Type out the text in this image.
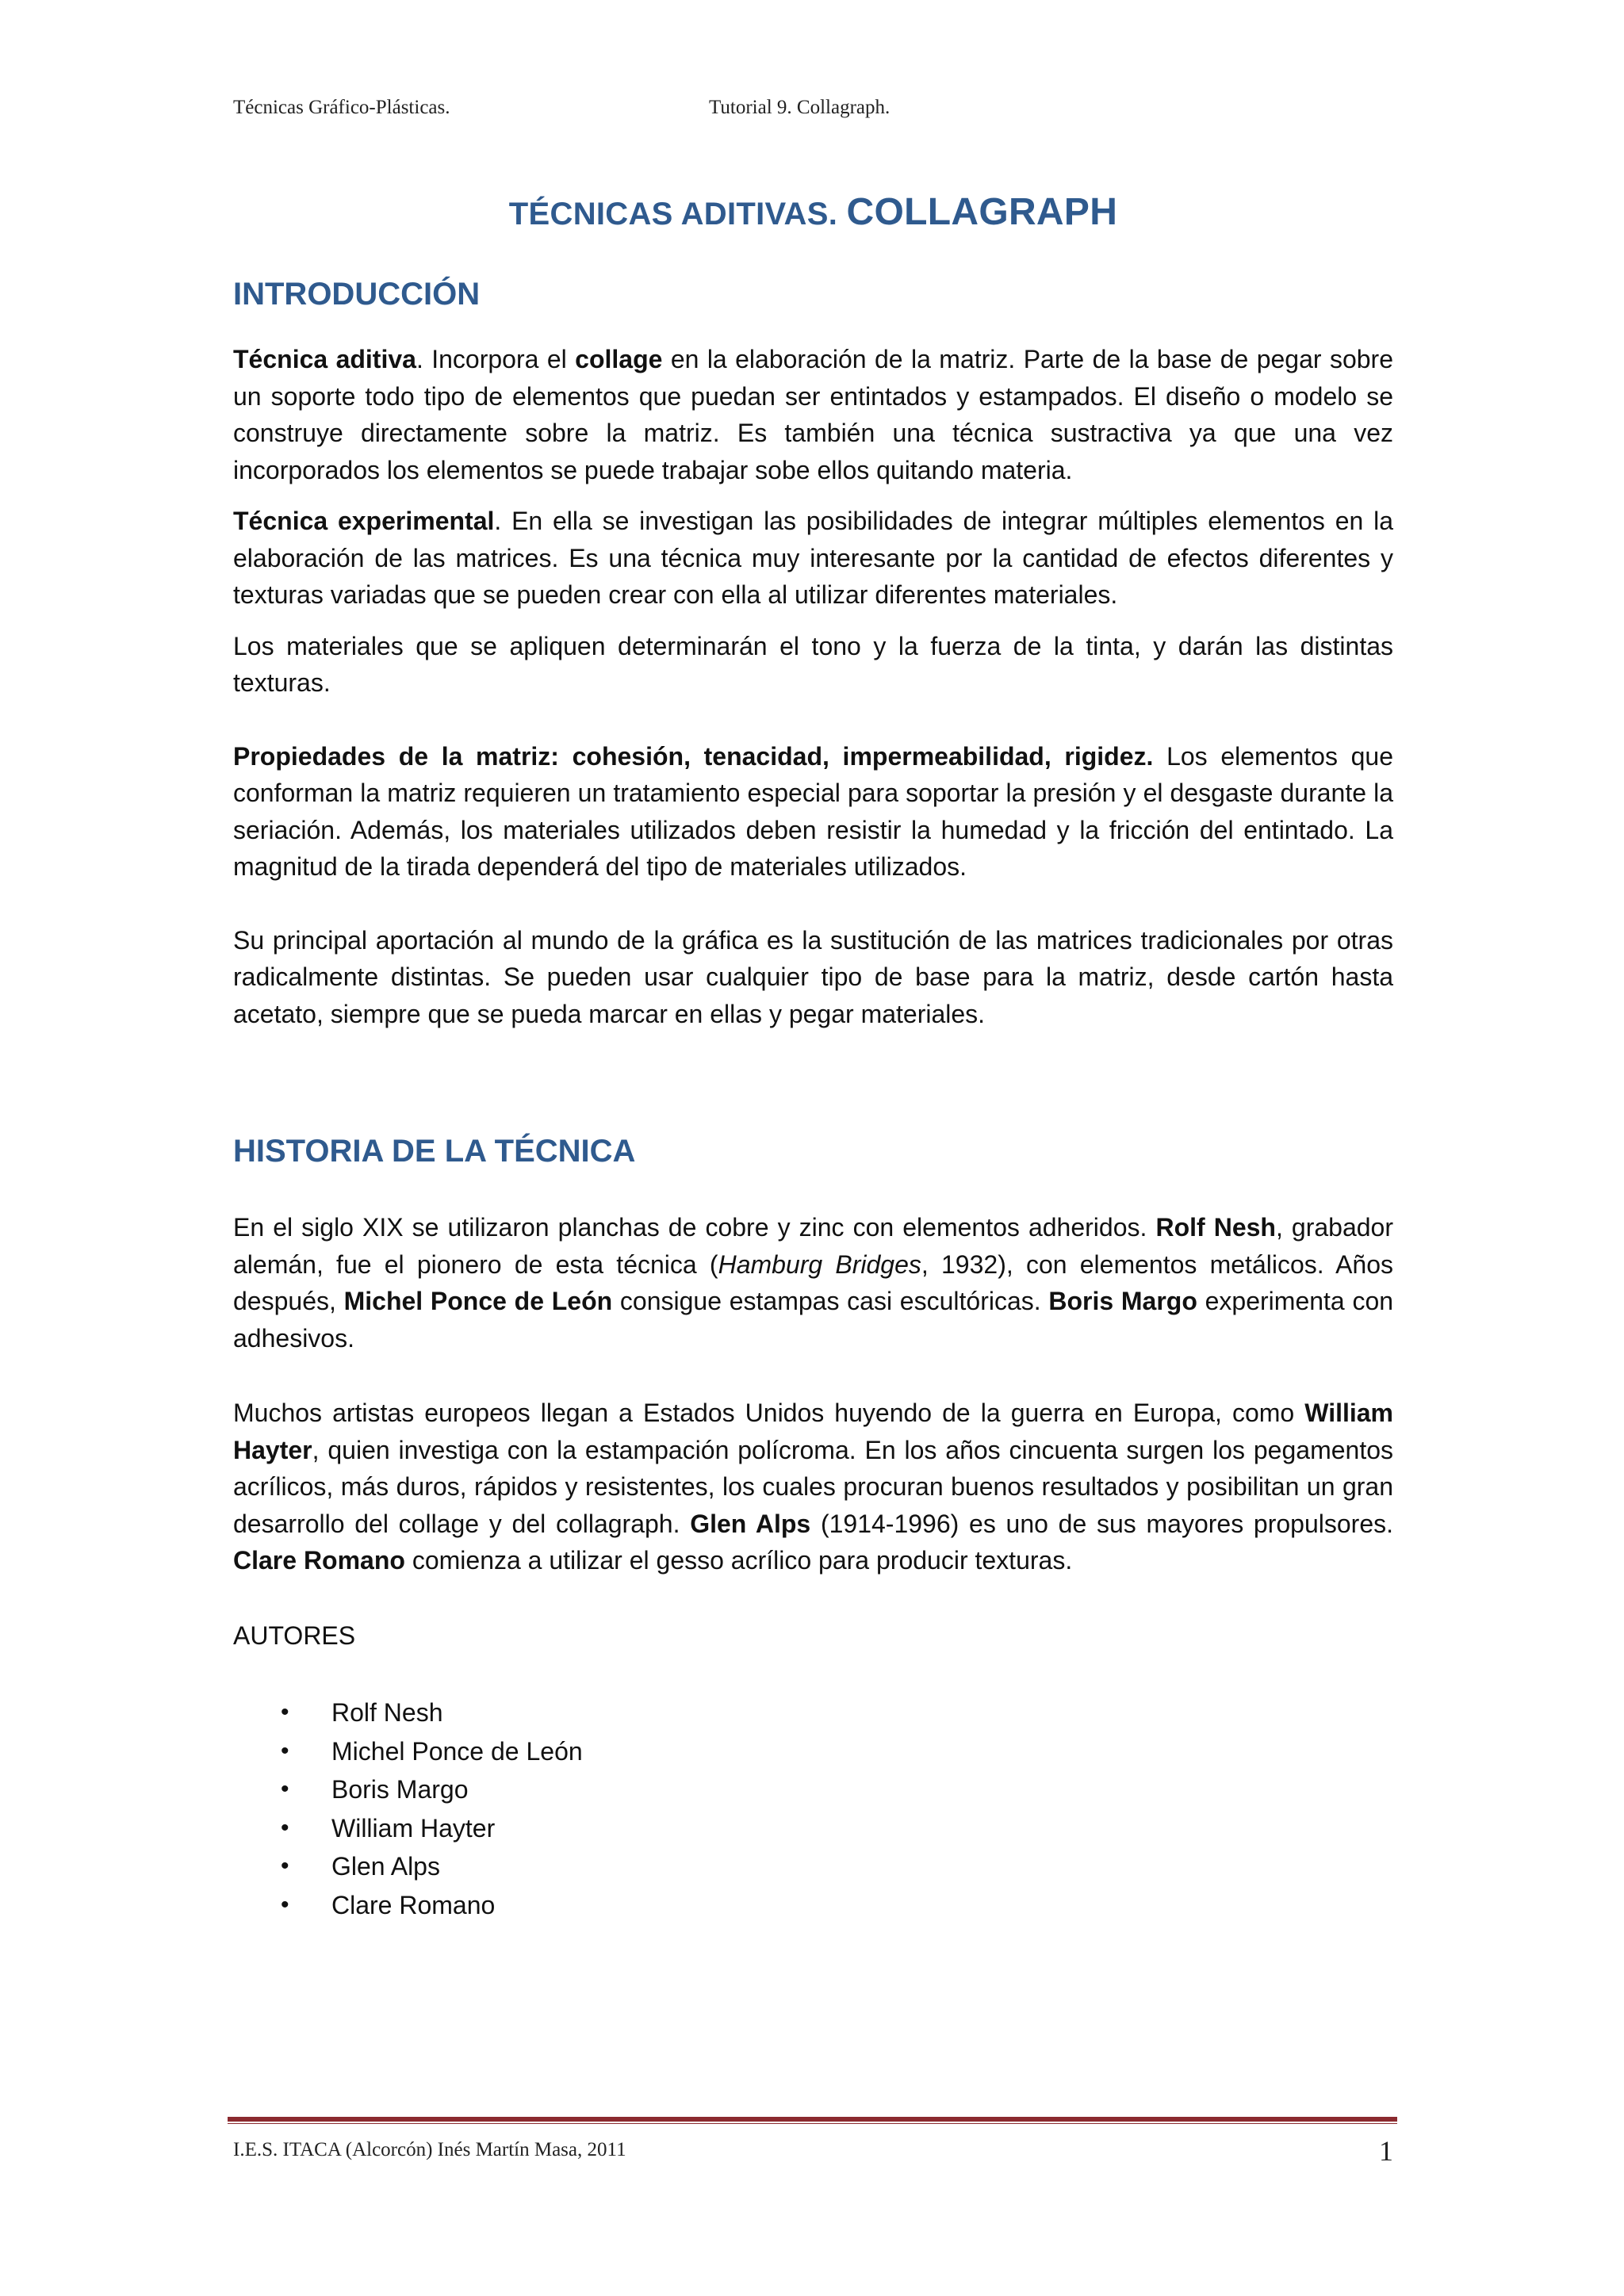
Técnicas Gráfico-Plásticas.	Tutorial 9. Collagraph.
TÉCNICAS ADITIVAS. COLLAGRAPH
INTRODUCCIÓN

Técnica aditiva. Incorpora el collage en la elaboración de la matriz. Parte de la base de pegar sobre un soporte todo tipo de elementos que puedan ser entintados y estampados. El diseño o modelo se construye directamente sobre la matriz. Es también una técnica sustractiva ya que una vez incorporados los elementos se puede trabajar sobe ellos quitando materia.

Técnica experimental. En ella se investigan las posibilidades de integrar múltiples elementos en la elaboración de las matrices. Es una técnica muy interesante por la cantidad de efectos diferentes y texturas variadas que se pueden crear con ella al utilizar diferentes materiales.

Los materiales que se apliquen determinarán el tono y la fuerza de la tinta, y darán las distintas texturas.

Propiedades de la matriz: cohesión, tenacidad, impermeabilidad, rigidez. Los elementos que conforman la matriz requieren un tratamiento especial para soportar la presión y el desgaste durante la seriación. Además, los materiales utilizados deben resistir la humedad y la fricción del entintado. La magnitud de la tirada dependerá del tipo de materiales utilizados.

Su principal aportación al mundo de la gráfica es la sustitución de las matrices tradicionales por otras radicalmente distintas. Se pueden usar cualquier tipo de base para la matriz, desde cartón hasta acetato, siempre que se pueda marcar en ellas y pegar materiales.

HISTORIA DE LA TÉCNICA

En el siglo XIX se utilizaron planchas de cobre y zinc con elementos adheridos. Rolf Nesh, grabador alemán, fue el pionero de esta técnica (Hamburg Bridges, 1932), con elementos metálicos. Años después, Michel Ponce de León consigue estampas casi escultóricas. Boris Margo experimenta con adhesivos.

Muchos artistas europeos llegan a Estados Unidos huyendo de la guerra en Europa, como William Hayter, quien investiga con la estampación polícroma. En los años cincuenta surgen los pegamentos acrílicos, más duros, rápidos y resistentes, los cuales procuran buenos resultados y posibilitan un gran desarrollo del collage y del collagraph. Glen Alps (1914-1996) es uno de sus mayores propulsores. Clare Romano comienza a utilizar el gesso acrílico para producir texturas.

AUTORES

• Rolf Nesh
• Michel Ponce de León
• Boris Margo
• William Hayter
• Glen Alps
• Clare Romano
I.E.S. ITACA (Alcorcón) Inés Martín Masa, 2011	1
